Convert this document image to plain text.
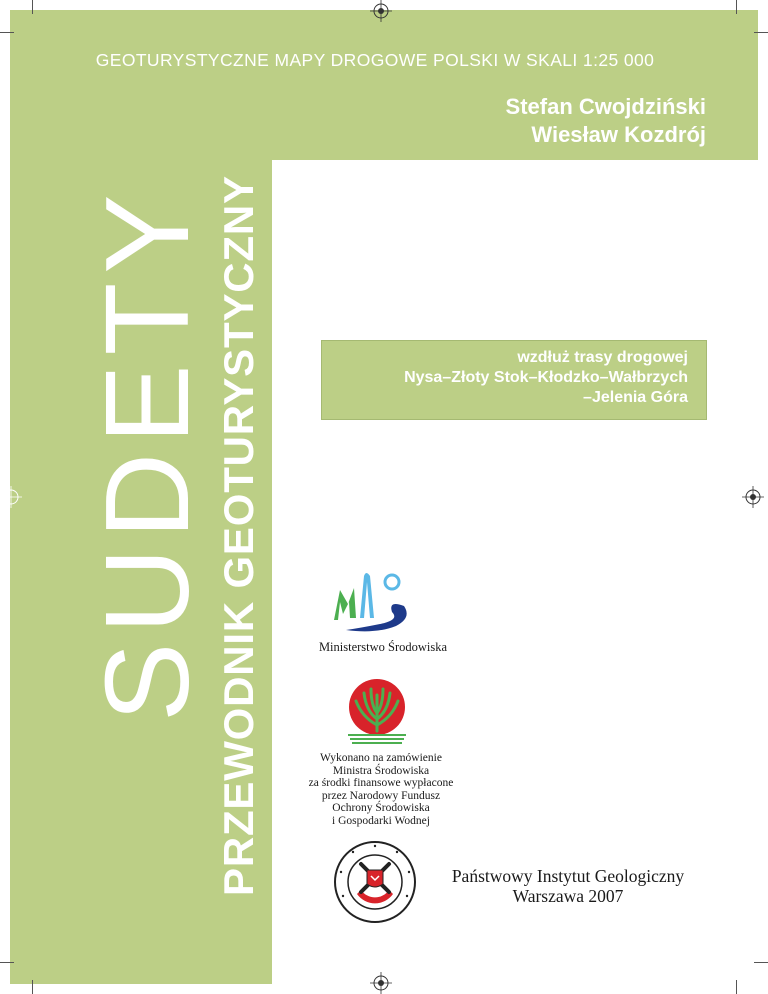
GEOTURYSTYCZNE MAPY DROGOWE POLSKI W SKALI 1:25 000
Stefan Cwojdziński
Wiesław Kozdrój
SUDETY PRZEWODNIK GEOTURYSTYCZNY	wzdłuż trasy drogowej
Nysa–Złoty Stok–Kłodzko–Wałbrzych
–Jelenia Góra
Ministerstwo Środowiska
Wykonano na zamówienie
Ministra Środowiska
za środki finansowe wypłacone
przez Narodowy Fundusz
Ochrony Środowiska
i Gospodarki Wodnej
Państwowy Instytut Geologiczny
Warszawa 2007
